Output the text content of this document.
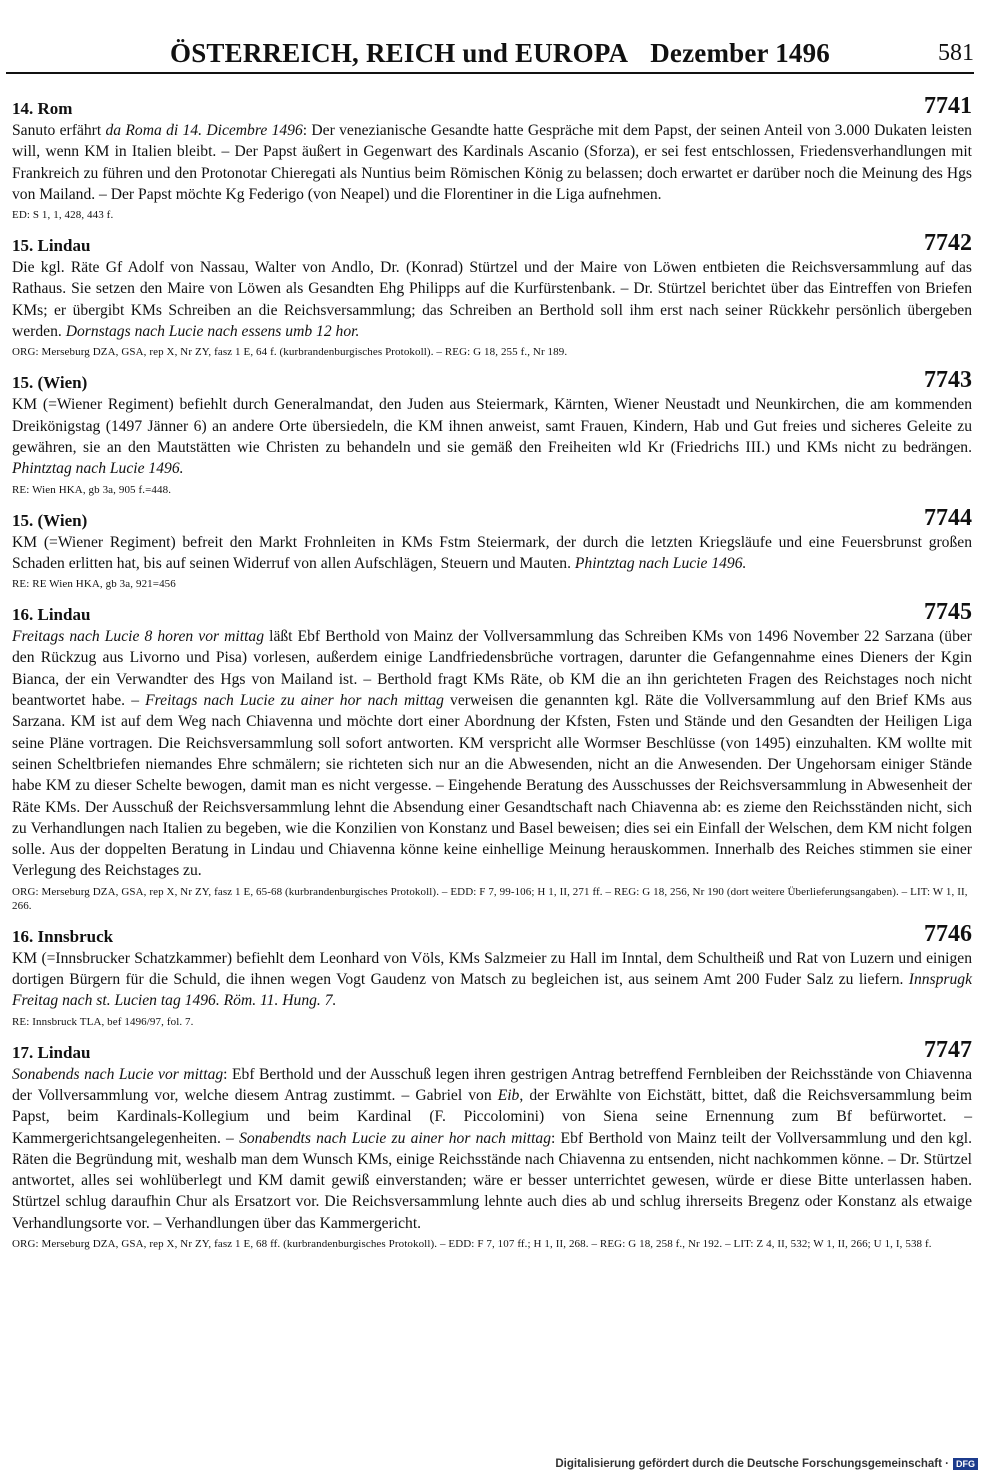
ÖSTERREICH, REICH und EUROPA Dezember 1496	581
14. Rom	7741

Sanuto erfährt da Roma di 14. Dicembre 1496: Der venezianische Gesandte hatte Gespräche mit dem Papst, der seinen Anteil von 3.000 Dukaten leisten will, wenn KM in Italien bleibt. – Der Papst äußert in Gegenwart des Kardinals Ascanio (Sforza), er sei fest entschlossen, Friedensverhandlungen mit Frankreich zu führen und den Protonotar Chieregati als Nuntius beim Römischen König zu belassen; doch erwartet er darüber noch die Meinung des Hgs von Mailand. – Der Papst möchte Kg Federigo (von Neapel) und die Florentiner in die Liga aufnehmen.

ED: S 1, 1, 428, 443 f.
15. Lindau	7742

Die kgl. Räte Gf Adolf von Nassau, Walter von Andlo, Dr. (Konrad) Stürtzel und der Maire von Löwen entbieten die Reichsversammlung auf das Rathaus. Sie setzen den Maire von Löwen als Gesandten Ehg Philipps auf die Kurfürstenbank. – Dr. Stürtzel berichtet über das Eintreffen von Briefen KMs; er übergibt KMs Schreiben an die Reichsversammlung; das Schreiben an Berthold soll ihm erst nach seiner Rückkehr persönlich übergeben werden. Dornstags nach Lucie nach essens umb 12 hor.

ORG: Merseburg DZA, GSA, rep X, Nr ZY, fasz 1 E, 64 f. (kurbrandenburgisches Protokoll). – REG: G 18, 255 f., Nr 189.
15. (Wien)	7743

KM (=Wiener Regiment) befiehlt durch Generalmandat, den Juden aus Steiermark, Kärnten, Wiener Neustadt und Neunkirchen, die am kommenden Dreikönigstag (1497 Jänner 6) an andere Orte übersiedeln, die KM ihnen anweist, samt Frauen, Kindern, Hab und Gut freies und sicheres Geleite zu gewähren, sie an den Mautstätten wie Christen zu behandeln und sie gemäß den Freiheiten wld Kr (Friedrichs III.) und KMs nicht zu bedrängen. Phintztag nach Lucie 1496.

RE: Wien HKA, gb 3a, 905 f.=448.
15. (Wien)	7744

KM (=Wiener Regiment) befreit den Markt Frohnleiten in KMs Fstm Steiermark, der durch die letzten Kriegsläufe und eine Feuersbrunst großen Schaden erlitten hat, bis auf seinen Widerruf von allen Aufschlägen, Steuern und Mauten. Phintztag nach Lucie 1496.

RE: RE Wien HKA, gb 3a, 921=456
16. Lindau	7745

Freitags nach Lucie 8 horen vor mittag läßt Ebf Berthold von Mainz der Vollversammlung das Schreiben KMs von 1496 November 22 Sarzana (über den Rückzug aus Livorno und Pisa) vorlesen, außerdem einige Landfriedensbrüche vortragen, darunter die Gefangennahme eines Dieners der Kgin Bianca, der ein Verwandter des Hgs von Mailand ist. – Berthold fragt KMs Räte, ob KM die an ihn gerichteten Fragen des Reichstages noch nicht beantwortet habe. – Freitags nach Lucie zu ainer hor nach mittag verweisen die genannten kgl. Räte die Vollversammlung auf den Brief KMs aus Sarzana. KM ist auf dem Weg nach Chiavenna und möchte dort einer Abordnung der Kfsten, Fsten und Stände und den Gesandten der Heiligen Liga seine Pläne vortragen. Die Reichsversammlung soll sofort antworten. KM verspricht alle Wormser Beschlüsse (von 1495) einzuhalten. KM wollte mit seinen Scheltbriefen niemandes Ehre schmälern; sie richteten sich nur an die Abwesenden, nicht an die Anwesenden. Der Ungehorsam einiger Stände habe KM zu dieser Schelte bewogen, damit man es nicht vergesse. – Eingehende Beratung des Ausschusses der Reichsversammlung in Abwesenheit der Räte KMs. Der Ausschuß der Reichsversammlung lehnt die Absendung einer Gesandtschaft nach Chiavenna ab: es zieme den Reichsständen nicht, sich zu Verhandlungen nach Italien zu begeben, wie die Konzilien von Konstanz und Basel beweisen; dies sei ein Einfall der Welschen, dem KM nicht folgen solle. Aus der doppelten Beratung in Lindau und Chiavenna könne keine einhellige Meinung herauskommen. Innerhalb des Reiches stimmen sie einer Verlegung des Reichstages zu.

ORG: Merseburg DZA, GSA, rep X, Nr ZY, fasz 1 E, 65-68 (kurbrandenburgisches Protokoll). – EDD: F 7, 99-106; H 1, II, 271 ff. – REG: G 18, 256, Nr 190 (dort weitere Überlieferungsangaben). – LIT: W 1, II, 266.
16. Innsbruck	7746

KM (=Innsbrucker Schatzkammer) befiehlt dem Leonhard von Völs, KMs Salzmeier zu Hall im Inntal, dem Schultheiß und Rat von Luzern und einigen dortigen Bürgern für die Schuld, die ihnen wegen Vogt Gaudenz von Matsch zu begleichen ist, aus seinem Amt 200 Fuder Salz zu liefern. Innsprugk Freitag nach st. Lucien tag 1496. Röm. 11. Hung. 7.

RE: Innsbruck TLA, bef 1496/97, fol. 7.
17. Lindau	7747

Sonabends nach Lucie vor mittag: Ebf Berthold und der Ausschuß legen ihren gestrigen Antrag betreffend Fernbleiben der Reichsstände von Chiavenna der Vollversammlung vor, welche diesem Antrag zustimmt. – Gabriel von Eib, der Erwählte von Eichstätt, bittet, daß die Reichsversammlung beim Papst, beim Kardinals-Kollegium und beim Kardinal (F. Piccolomini) von Siena seine Ernennung zum Bf befürwortet. – Kammergerichtsangelegenheiten. – Sonabendts nach Lucie zu ainer hor nach mittag: Ebf Berthold von Mainz teilt der Vollversammlung und den kgl. Räten die Begründung mit, weshalb man dem Wunsch KMs, einige Reichsstände nach Chiavenna zu entsenden, nicht nachkommen könne. – Dr. Stürtzel antwortet, alles sei wohlüberlegt und KM damit gewiß einverstanden; wäre er besser unterrichtet gewesen, würde er diese Bitte unterlassen haben. Stürtzel schlug daraufhin Chur als Ersatzort vor. Die Reichsversammlung lehnte auch dies ab und schlug ihrerseits Bregenz oder Konstanz als etwaige Verhandlungsorte vor. – Verhandlungen über das Kammergericht.

ORG: Merseburg DZA, GSA, rep X, Nr ZY, fasz 1 E, 68 ff. (kurbrandenburgisches Protokoll). – EDD: F 7, 107 ff.; H 1, II, 268. – REG: G 18, 258 f., Nr 192. – LIT: Z 4, II, 532; W 1, II, 266; U 1, I, 538 f.
Digitalisierung gefördert durch die Deutsche Forschungsgemeinschaft · DFG
